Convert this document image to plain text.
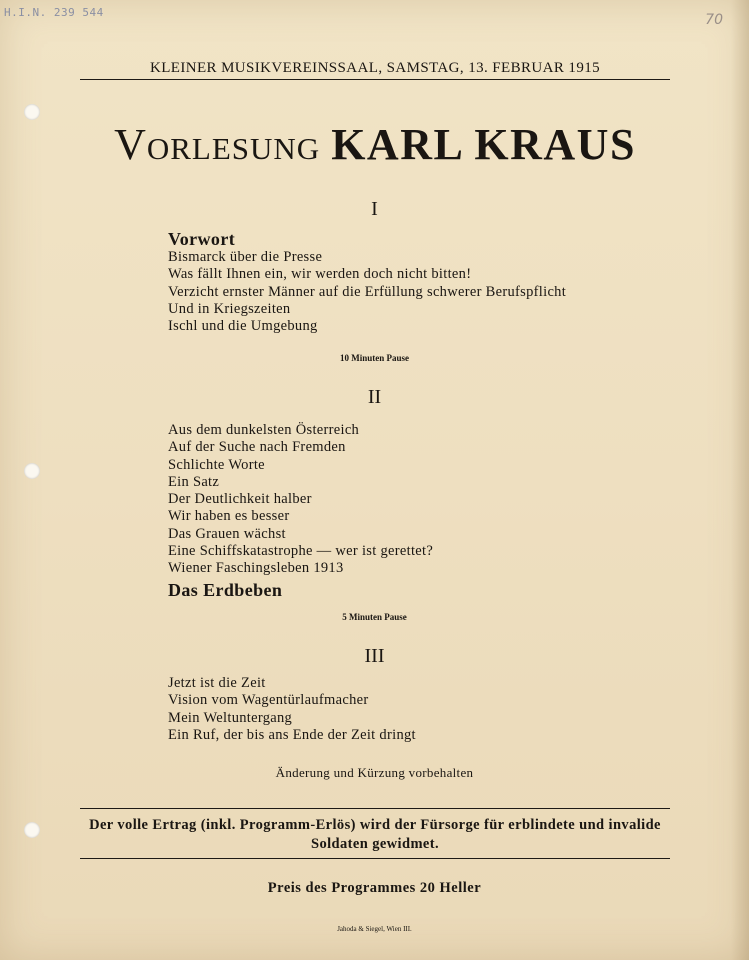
H.I.N. 239 544	70
KLEINER MUSIKVEREINSSAAL, SAMSTAG, 13. FEBRUAR 1915
Vorlesung KARL KRAUS
I
Vorwort
Bismarck über die Presse
Was fällt Ihnen ein, wir werden doch nicht bitten!
Verzicht ernster Männer auf die Erfüllung schwerer Berufspflicht
Und in Kriegszeiten
Ischl und die Umgebung
10 Minuten Pause
II
Aus dem dunkelsten Österreich
Auf der Suche nach Fremden
Schlichte Worte
Ein Satz
Der Deutlichkeit halber
Wir haben es besser
Das Grauen wächst
Eine Schiffskatastrophe — wer ist gerettet?
Wiener Faschingsleben 1913
Das Erdbeben
5 Minuten Pause
III
Jetzt ist die Zeit
Vision vom Wagentürlaufmacher
Mein Weltuntergang
Ein Ruf, der bis ans Ende der Zeit dringt
Änderung und Kürzung vorbehalten
Der volle Ertrag (inkl. Programm-Erlös) wird der Fürsorge für erblindete und invalide Soldaten gewidmet.
Preis des Programmes 20 Heller
Jahoda & Siegel, Wien III.
